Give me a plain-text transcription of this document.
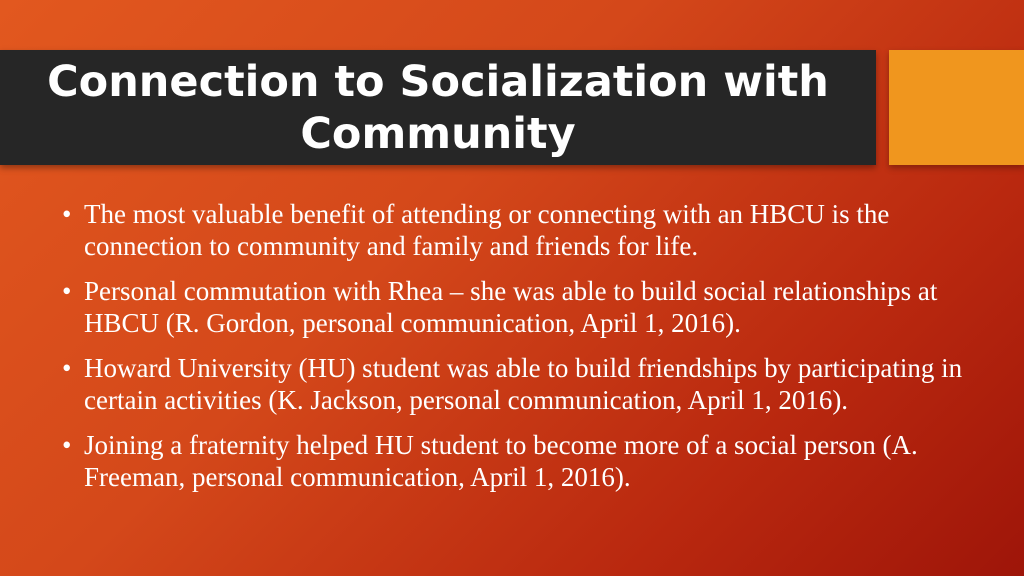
Connection to Socialization with Community
• The most valuable benefit of attending or connecting with an HBCU is the connection to community and family and friends for life.
• Personal commutation with Rhea – she was able to build social relationships at HBCU (R. Gordon, personal communication, April 1, 2016).
• Howard University (HU) student was able to build friendships by participating in certain activities (K. Jackson, personal communication, April 1, 2016).
• Joining a fraternity helped HU student to become more of a social person (A. Freeman, personal communication, April 1, 2016).
